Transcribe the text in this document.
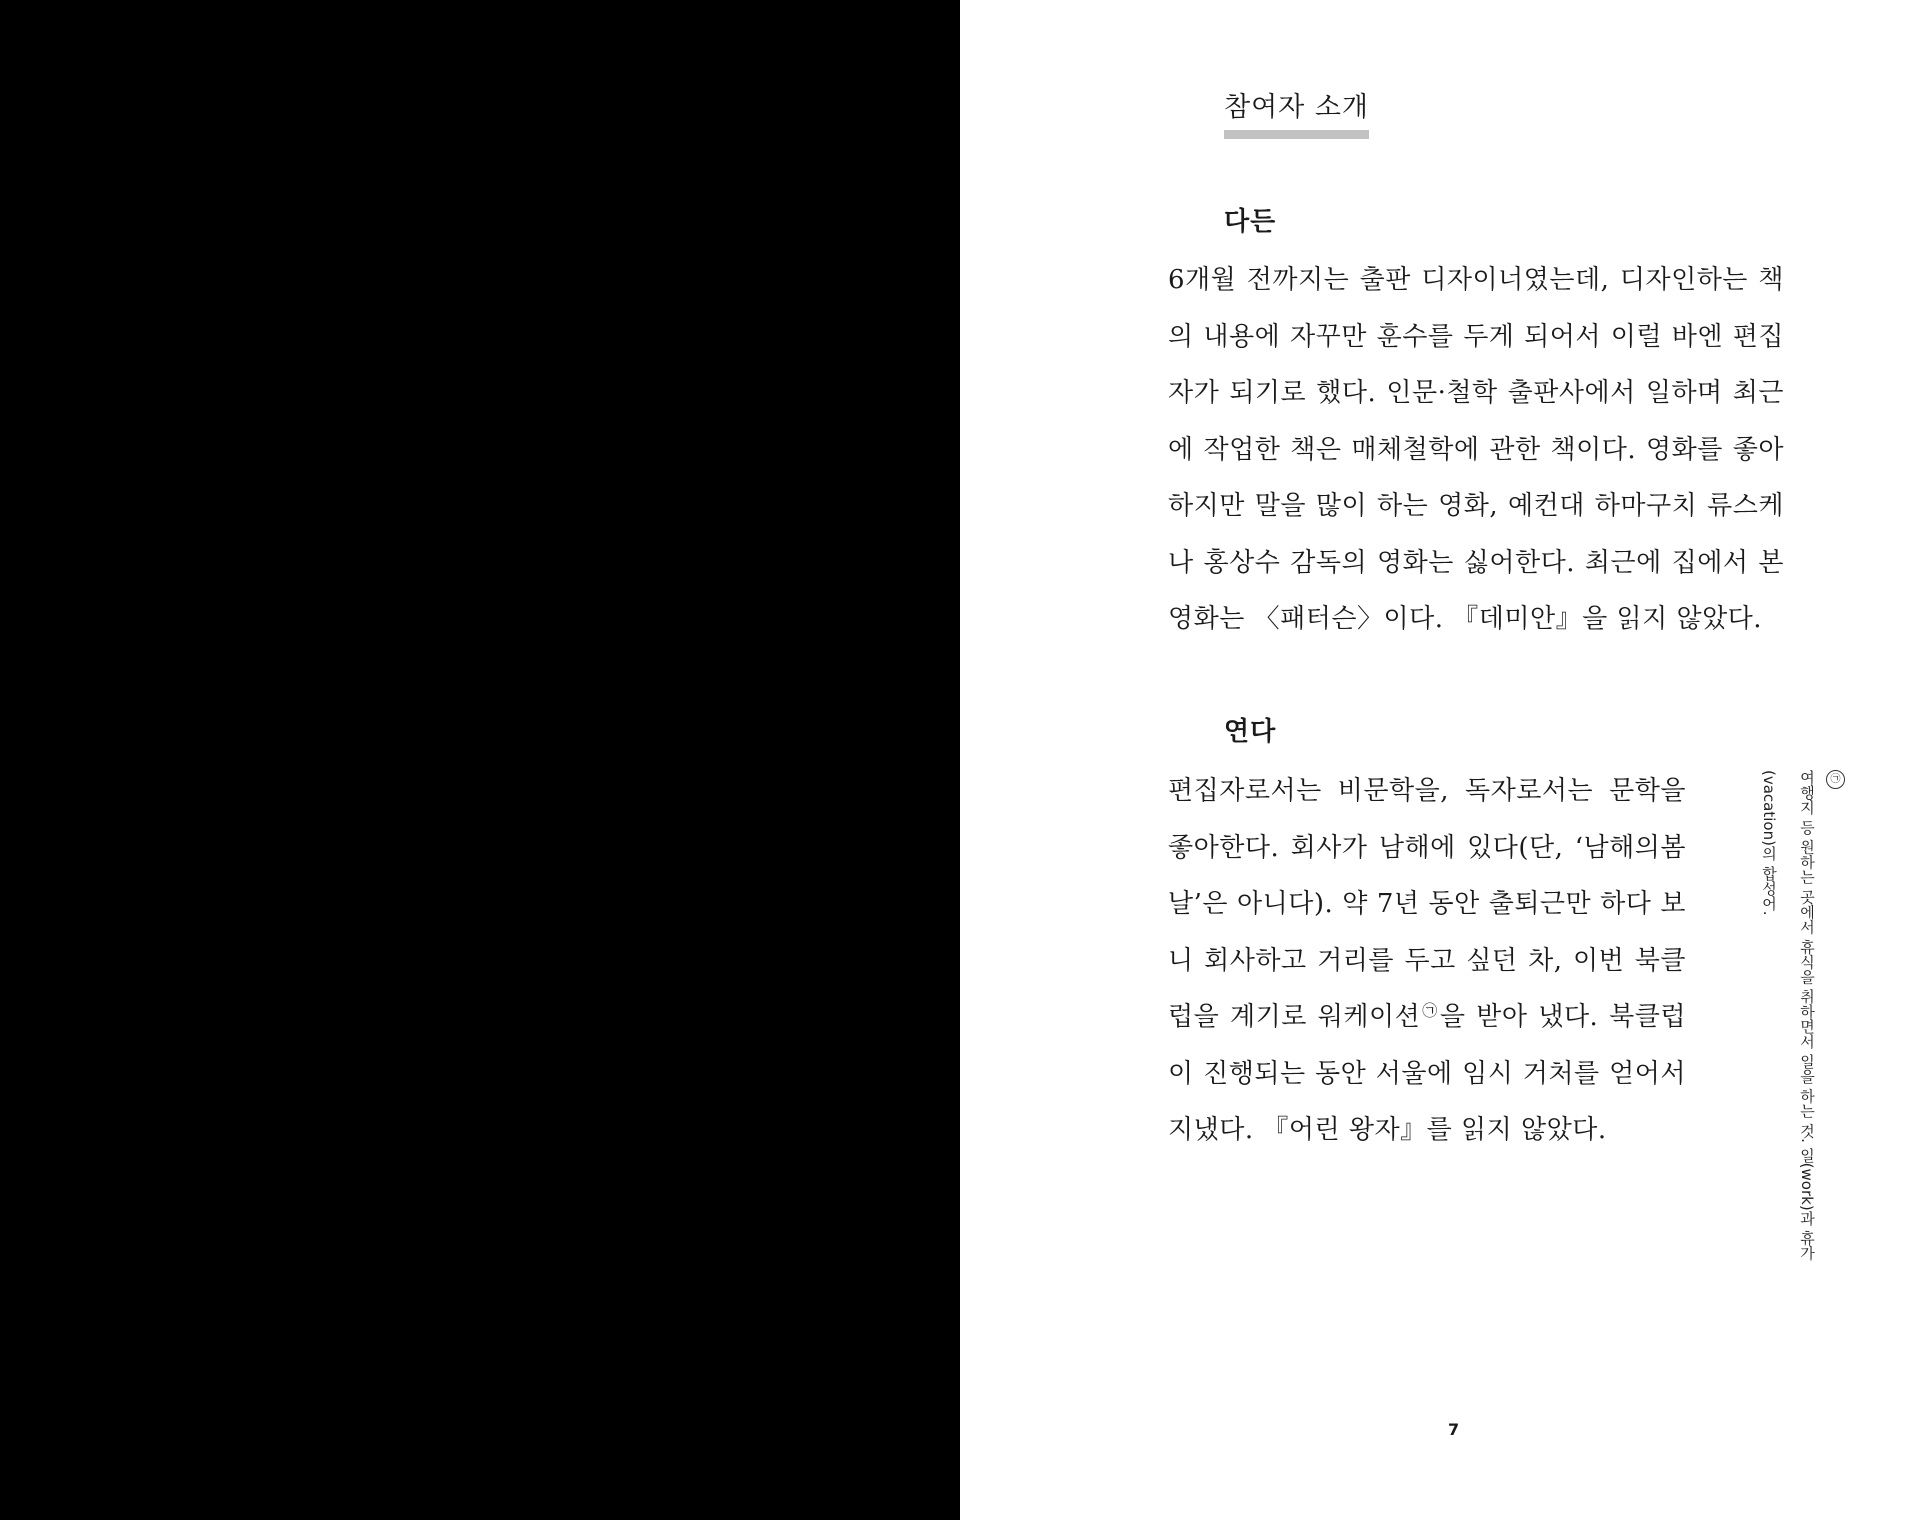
참여자 소개
다든
6개월 전까지는 출판 디자이너였는데, 디자인하는 책의 내용에 자꾸만 훈수를 두게 되어서 이럴 바엔 편집자가 되기로 했다. 인문·철학 출판사에서 일하며 최근에 작업한 책은 매체철학에 관한 책이다. 영화를 좋아하지만 말을 많이 하는 영화, 예컨대 하마구치 류스케나 홍상수 감독의 영화는 싫어한다. 최근에 집에서 본 영화는 〈패터슨〉이다. 『데미안』을 읽지 않았다.
연다
편집자로서는 비문학을, 독자로서는 문학을 좋아한다. 회사가 남해에 있다(단, ‘남해의봄날’은 아니다). 약 7년 동안 출퇴근만 하다 보니 회사하고 거리를 두고 싶던 차, 이번 북클럽을 계기로 워케이션㉠을 받아 냈다. 북클럽이 진행되는 동안 서울에 임시 거처를 얻어서 지냈다. 『어린 왕자』를 읽지 않았다.
㉠
여행지 등 원하는 곳에서 휴식을 취하면서 일을 하는 것. 일(work)과 휴가(vacation)의 합성어.
7
